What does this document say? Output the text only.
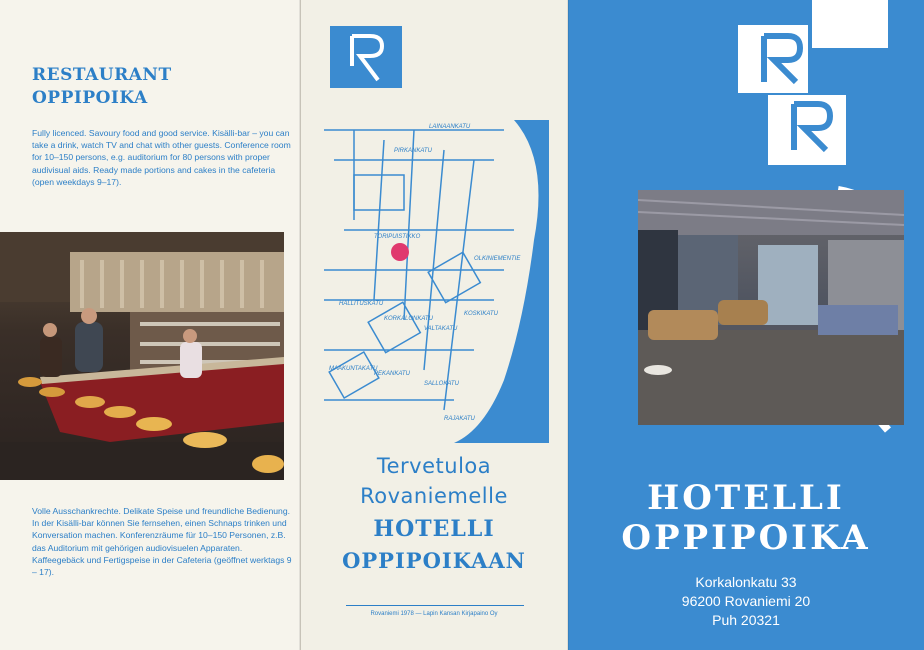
RESTAURANT
OPPIPOIKA

Fully licenced. Savoury food and good service. Kisälli-bar – you can take a drink, watch TV and chat with other guests. Conference room for 10–150 persons, e.g. auditorium for 80 persons with proper audivisual aids. Ready made portions and cakes in the cafeteria (open weekdays 9–17).

Volle Ausschankrechte. Delikate Speise und freundliche Bedienung. In der Kisälli-bar können Sie fernsehen, einen Schnaps trinken und Konversation machen. Konferenzräume für 10–150 Personen, z.B. das Auditorium mit gehörigen audiovisuelen Apparaten. Kaffeegebäck und Fertigspeise in der Cafeteria (geöffnet werktags 9 – 17).

LAINAANKATU
PIRKANKATU
TORIPUISTIKKO
OLKINIEMENTIE
HALLITUSKATU
KORKALONKATU
VALTAKATU
KOSKIKATU
MAAKUNTAKATU
PEKANKATU
SALLOKATU
RAJAKATU

Tervetuloa

Rovaniemelle

HOTELLI

OPPIPOIKAAN

Rovaniemi 1978 — Lapin Kansan Kirjapaino Oy

HOTELLI

OPPIPOIKA

Korkalonkatu 33

96200 Rovaniemi 20

Puh 20321
